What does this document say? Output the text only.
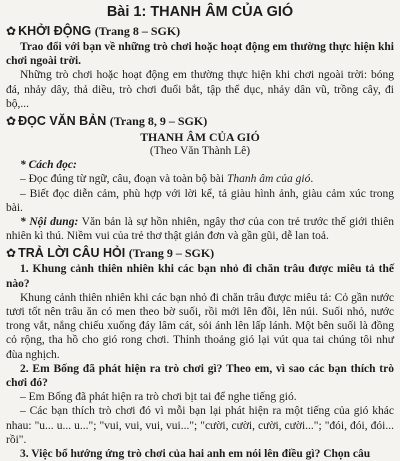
Bài 1: THANH ÂM CỦA GIÓ
✿ KHỞI ĐỘNG (Trang 8 – SGK)

Trao đổi với bạn về những trò chơi hoặc hoạt động em thường thực hiện khi chơi ngoài trời.

Những trò chơi hoặc hoạt động em thường thực hiện khi chơi ngoài trời: bóng đá, nhảy dây, thả diều, trò chơi đuổi bắt, tập thể dục, nhảy dân vũ, trồng cây, đi bộ,...

✿ ĐỌC VĂN BẢN (Trang 8, 9 – SGK)

THANH ÂM CỦA GIÓ

(Theo Văn Thành Lê)

* Cách đọc:

– Đọc đúng từ ngữ, câu, đoạn và toàn bộ bài Thanh âm của gió.

– Biết đọc diễn cảm, phù hợp với lời kể, tả giàu hình ảnh, giàu cảm xúc trong bài.

* Nội dung: Văn bản là sự hồn nhiên, ngây thơ của con trẻ trước thế giới thiên nhiên kì thú. Niềm vui của trẻ thơ thật giản đơn và gần gũi, dễ lan toả.

✿ TRẢ LỜI CÂU HỎI (Trang 9 – SGK)

1. Khung cảnh thiên nhiên khi các bạn nhỏ đi chăn trâu được miêu tả thế nào?

Khung cảnh thiên nhiên khi các bạn nhỏ đi chăn trâu được miêu tả: Cỏ gần nước tươi tốt nên trâu ăn có men theo bờ suối, rồi mới lên đồi, lên núi. Suối nhỏ, nước trong vắt, nắng chiếu xuống đáy lâm cát, sỏi ánh lên lấp lánh. Một bên suối là đồng cỏ rộng, tha hồ cho gió rong chơi. Thỉnh thoảng gió lại vút qua tai chúng tôi như đùa nghịch.

2. Em Bống đã phát hiện ra trò chơi gì? Theo em, vì sao các bạn thích trò chơi đó?

– Em Bống đã phát hiện ra trò chơi bịt tai để nghe tiếng gió.

– Các bạn thích trò chơi đó vì mỗi bạn lại phát hiện ra một tiếng của gió khác nhau: "u... u... u..."; "vui, vui, vui, vui..."; "cười, cười, cười, cười..."; "đói, đói, đói... rồi".

3. Việc bổ hướng ứng trò chơi của hai anh em nói lên điều gì? Chọn câu
